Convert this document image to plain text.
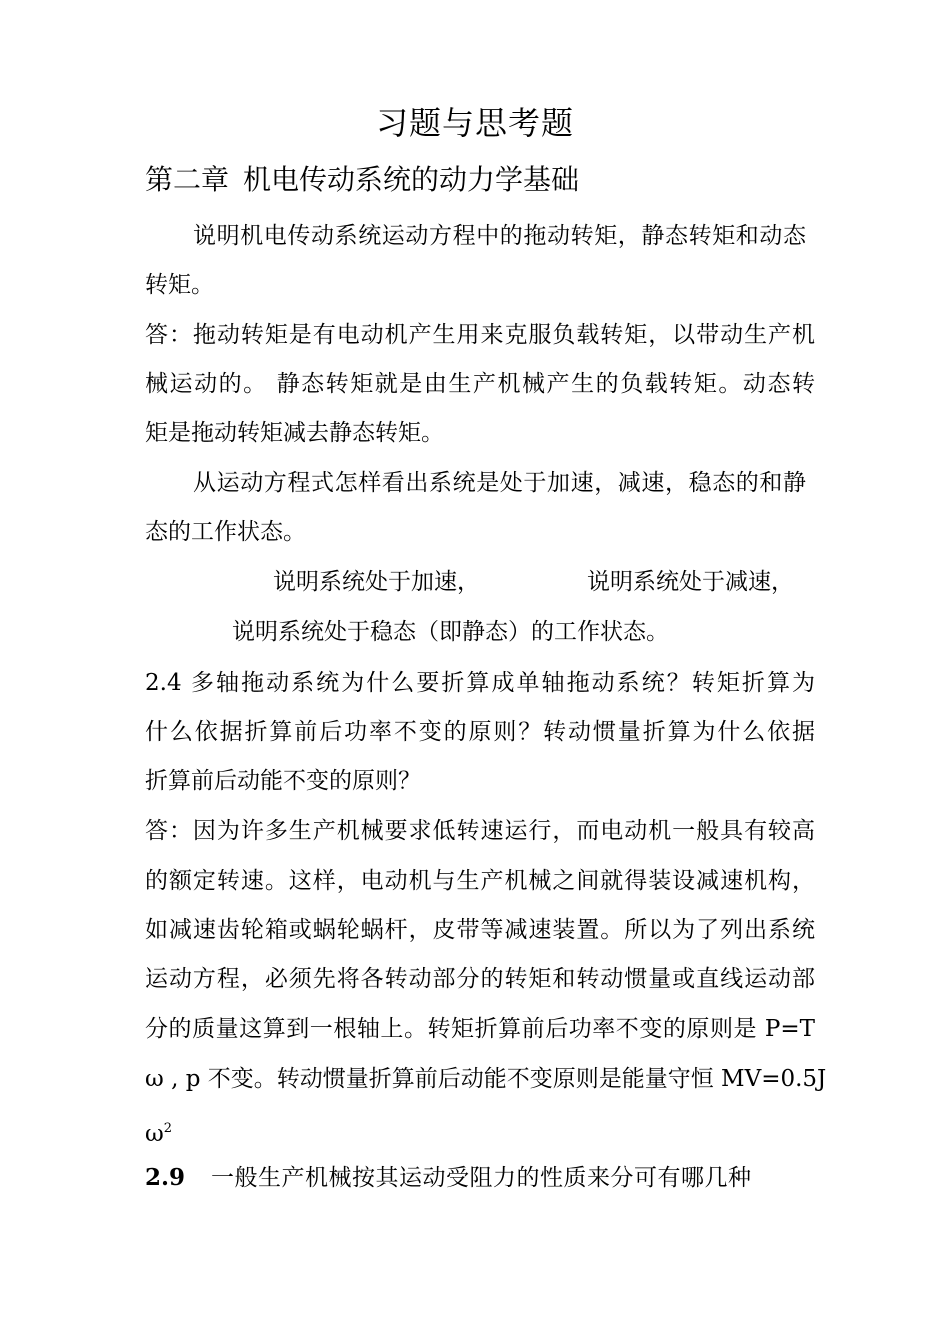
习题与思考题
第二章 机电传动系统的动力学基础
说明机电传动系统运动方程中的拖动转矩，静态转矩和动态
转矩。
答：拖动转矩是有电动机产生用来克服负载转矩，以带动生产机
械运动的。 静态转矩就是由生产机械产生的负载转矩。动态转
矩是拖动转矩减去静态转矩。
从运动方程式怎样看出系统是处于加速，减速，稳态的和静
态的工作状态。
说明系统处于加速，	说明系统处于减速，
说明系统处于稳态（即静态）的工作状态。
2.4 多轴拖动系统为什么要折算成单轴拖动系统？转矩折算为
什么依据折算前后功率不变的原则？转动惯量折算为什么依据
折算前后动能不变的原则？
答：因为许多生产机械要求低转速运行，而电动机一般具有较高
的额定转速。这样，电动机与生产机械之间就得装设减速机构，
如减速齿轮箱或蜗轮蜗杆，皮带等减速装置。所以为了列出系统
运动方程，必须先将各转动部分的转矩和转动惯量或直线运动部
分的质量这算到一根轴上。转矩折算前后功率不变的原则是 P=T
ω , p 不变。转动惯量折算前后动能不变原则是能量守恒 MV=0.5J
$\omega^2$
2.9 一般生产机械按其运动受阻力的性质来分可有哪几种
